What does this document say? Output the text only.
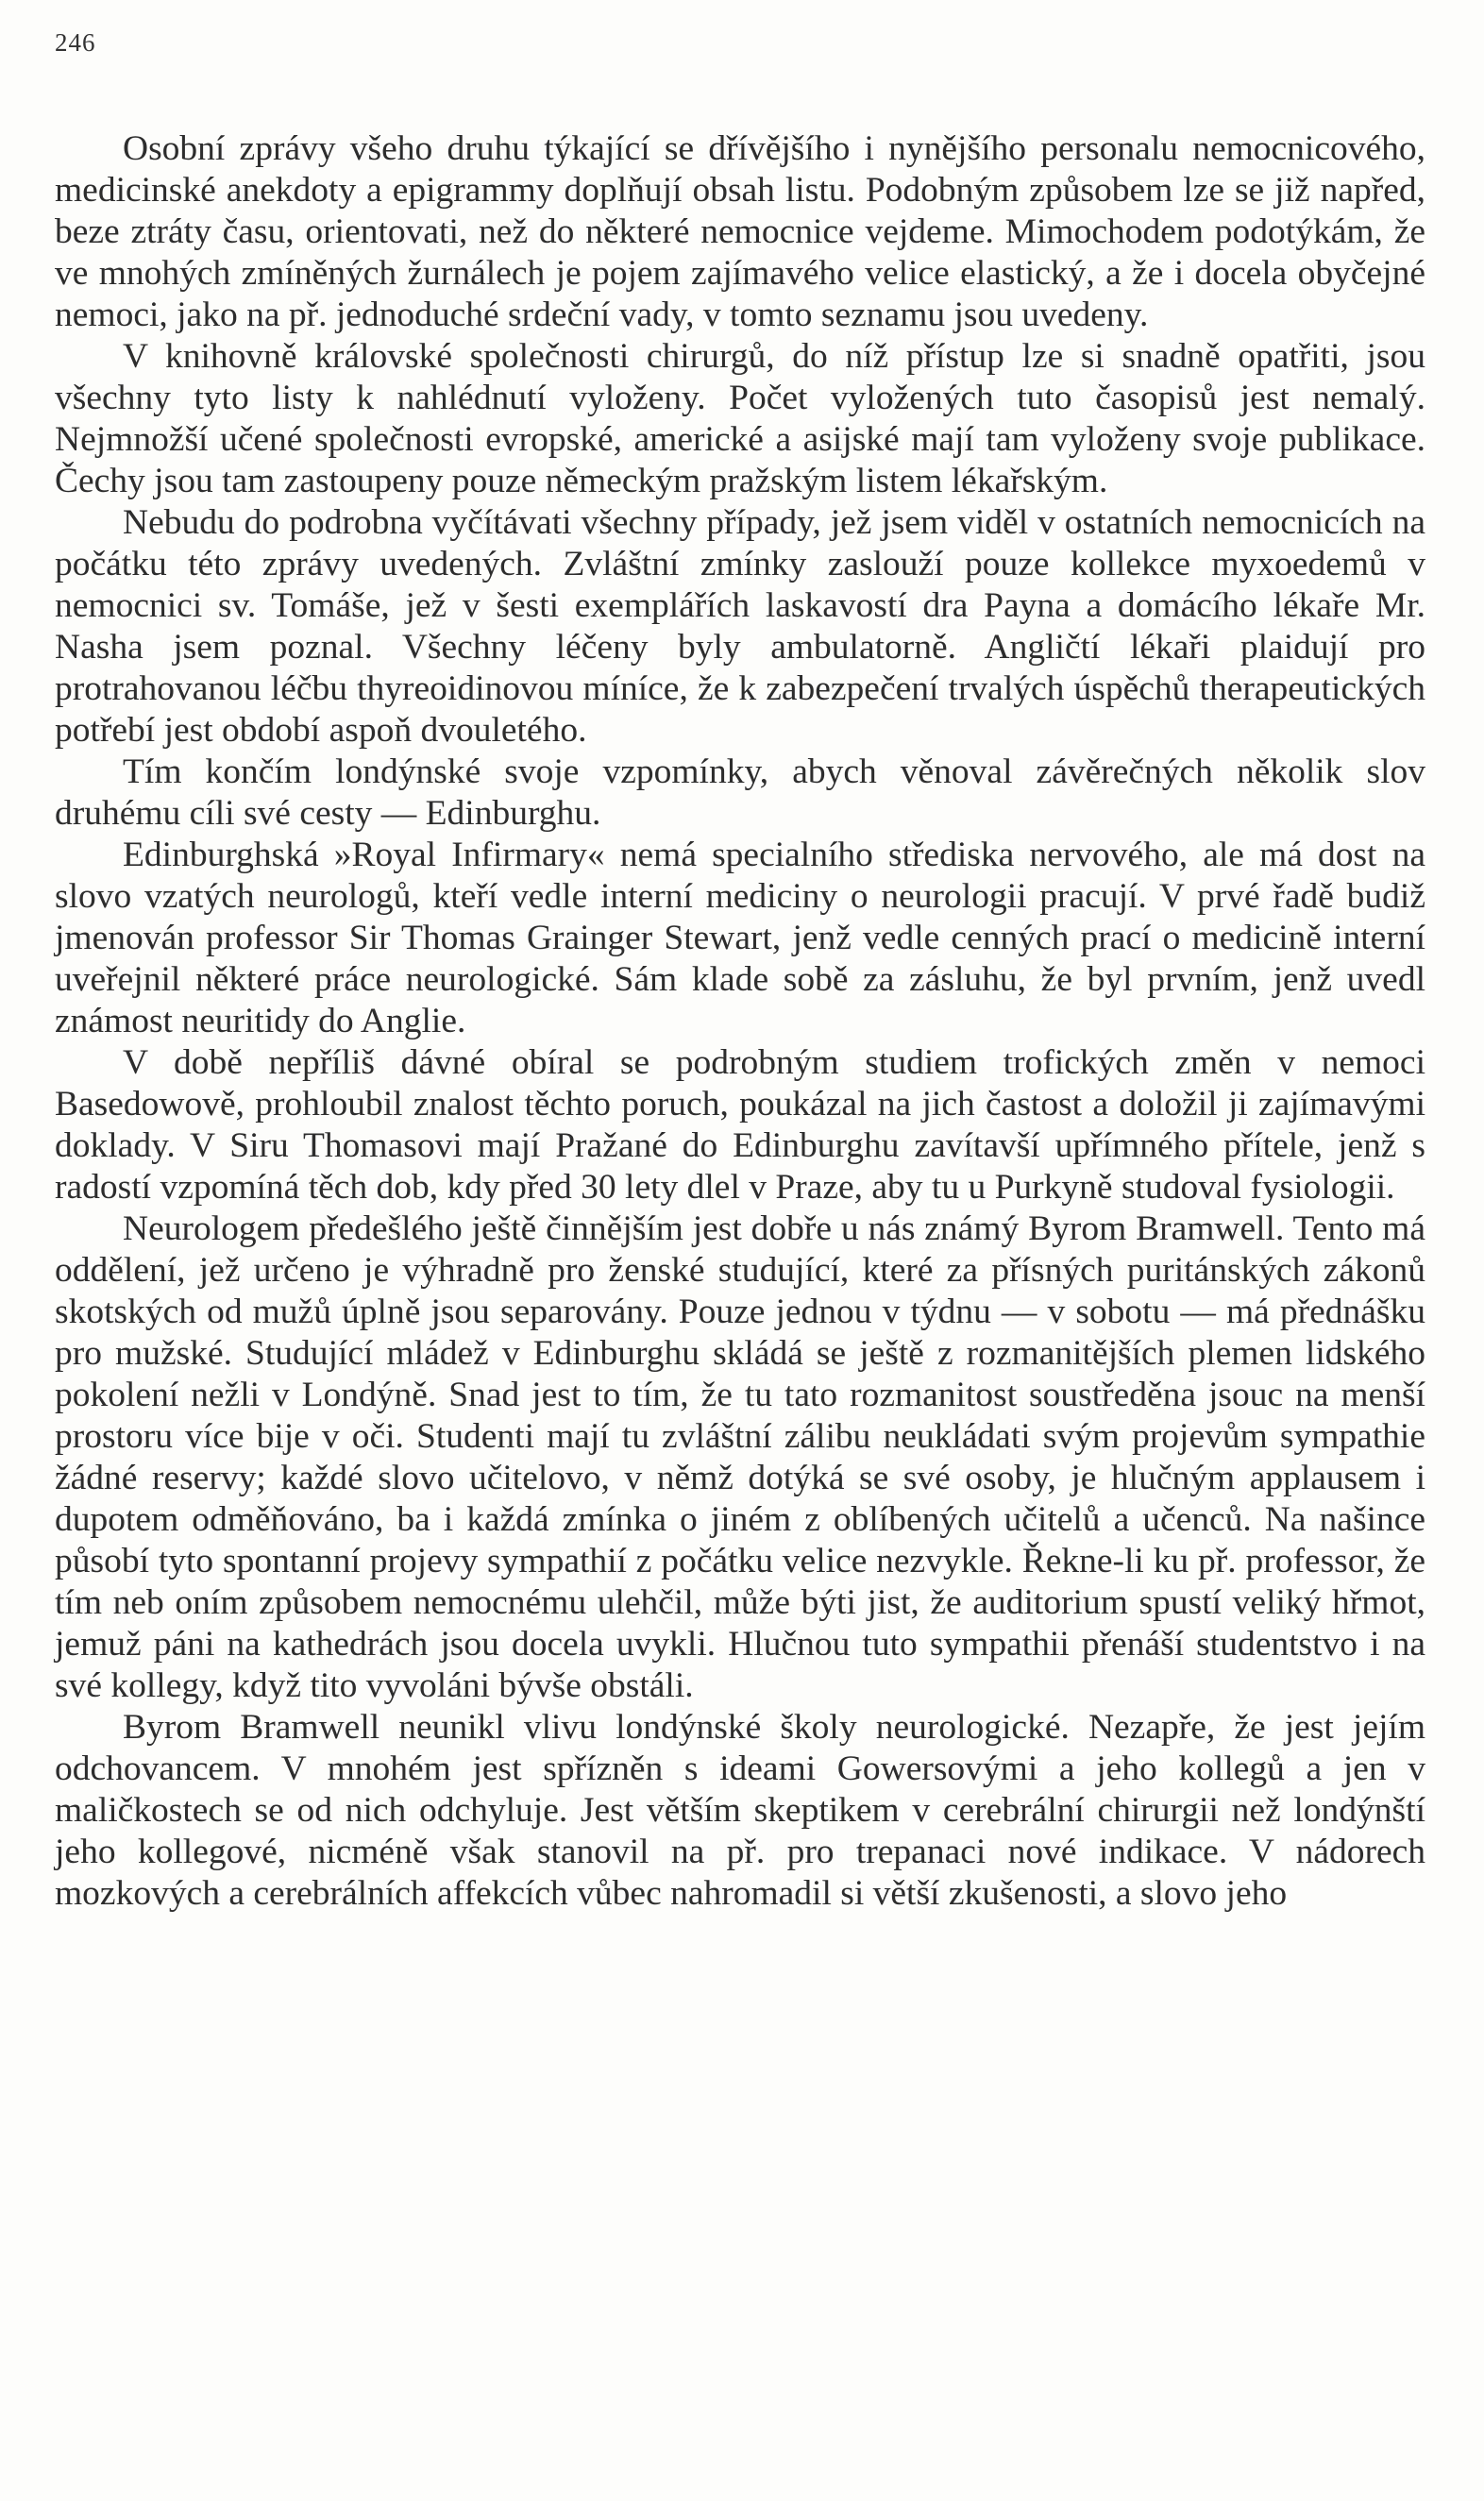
246

Osobní zprávy všeho druhu týkající se dřívějšího i nynějšího personalu nemocnicového, medicinské anekdoty a epigrammy doplňují obsah listu. Podobným způsobem lze se již napřed, beze ztráty času, orientovati, než do některé nemocnice vejdeme. Mimochodem podotýkám, že ve mnohých zmíněných žurnálech je pojem zajímavého velice elastický, a že i docela obyčejné nemoci, jako na př. jednoduché srdeční vady, v tomto seznamu jsou uvedeny.

V knihovně královské společnosti chirurgů, do níž přístup lze si snadně opatřiti, jsou všechny tyto listy k nahlédnutí vyloženy. Počet vyložených tuto časopisů jest nemalý. Nejmnožší učené společnosti evropské, americké a asijské mají tam vyloženy svoje publikace. Čechy jsou tam zastoupeny pouze německým pražským listem lékařským.

Nebudu do podrobna vyčítávati všechny případy, jež jsem viděl v ostatních nemocnicích na počátku této zprávy uvedených. Zvláštní zmínky zaslouží pouze kollekce myxoedemů v nemocnici sv. Tomáše, jež v šesti exemplářích laskavostí dra Payna a domácího lékaře Mr. Nasha jsem poznal. Všechny léčeny byly ambulatorně. Angličtí lékaři plaidují pro protrahovanou léčbu thyreoidinovou míníce, že k zabezpečení trvalých úspěchů therapeutických potřebí jest období aspoň dvouletého.

Tím končím londýnské svoje vzpomínky, abych věnoval závěrečných několik slov druhému cíli své cesty — Edinburghu.

Edinburghská »Royal Infirmary« nemá specialního střediska nervového, ale má dost na slovo vzatých neurologů, kteří vedle interní mediciny o neurologii pracují. V prvé řadě budiž jmenován professor Sir Thomas Grainger Stewart, jenž vedle cenných prací o medicině interní uveřejnil některé práce neurologické. Sám klade sobě za zásluhu, že byl prvním, jenž uvedl známost neuritidy do Anglie.

V době nepříliš dávné obíral se podrobným studiem trofických změn v nemoci Basedowově, prohloubil znalost těchto poruch, poukázal na jich častost a doložil ji zajímavými doklady. V Siru Thomasovi mají Pražané do Edinburghu zavítavší upřímného přítele, jenž s radostí vzpomíná těch dob, kdy před 30 lety dlel v Praze, aby tu u Purkyně studoval fysiologii.

Neurologem předešlého ještě činnějším jest dobře u nás známý Byrom Bramwell. Tento má oddělení, jež určeno je výhradně pro ženské studující, které za přísných puritánských zákonů skotských od mužů úplně jsou separovány. Pouze jednou v týdnu — v sobotu — má přednášku pro mužské. Studující mládež v Edinburghu skládá se ještě z rozmanitějších plemen lidského pokolení nežli v Londýně. Snad jest to tím, že tu tato rozmanitost soustředěna jsouc na menší prostoru více bije v oči. Studenti mají tu zvláštní zálibu neukládati svým projevům sympathie žádné reservy; každé slovo učitelovo, v němž dotýká se své osoby, je hlučným applausem i dupotem odměňováno, ba i každá zmínka o jiném z oblíbených učitelů a učenců. Na našince působí tyto spontanní projevy sympathií z počátku velice nezvykle. Řekne-li ku př. professor, že tím neb oním způsobem nemocnému ulehčil, může býti jist, že auditorium spustí veliký hřmot, jemuž páni na kathedrách jsou docela uvykli. Hlučnou tuto sympathii přenáší studentstvo i na své kollegy, když tito vyvoláni bývše obstáli.

Byrom Bramwell neunikl vlivu londýnské školy neurologické. Nezapře, že jest jejím odchovancem. V mnohém jest spřízněn s ideami Gowersovými a jeho kollegů a jen v maličkostech se od nich odchyluje. Jest větším skeptikem v cerebrální chirurgii než londýnští jeho kollegové, nicméně však stanovil na př. pro trepanaci nové indikace. V nádorech mozkových a cerebrálních affekcích vůbec nahromadil si větší zkušenosti, a slovo jeho
